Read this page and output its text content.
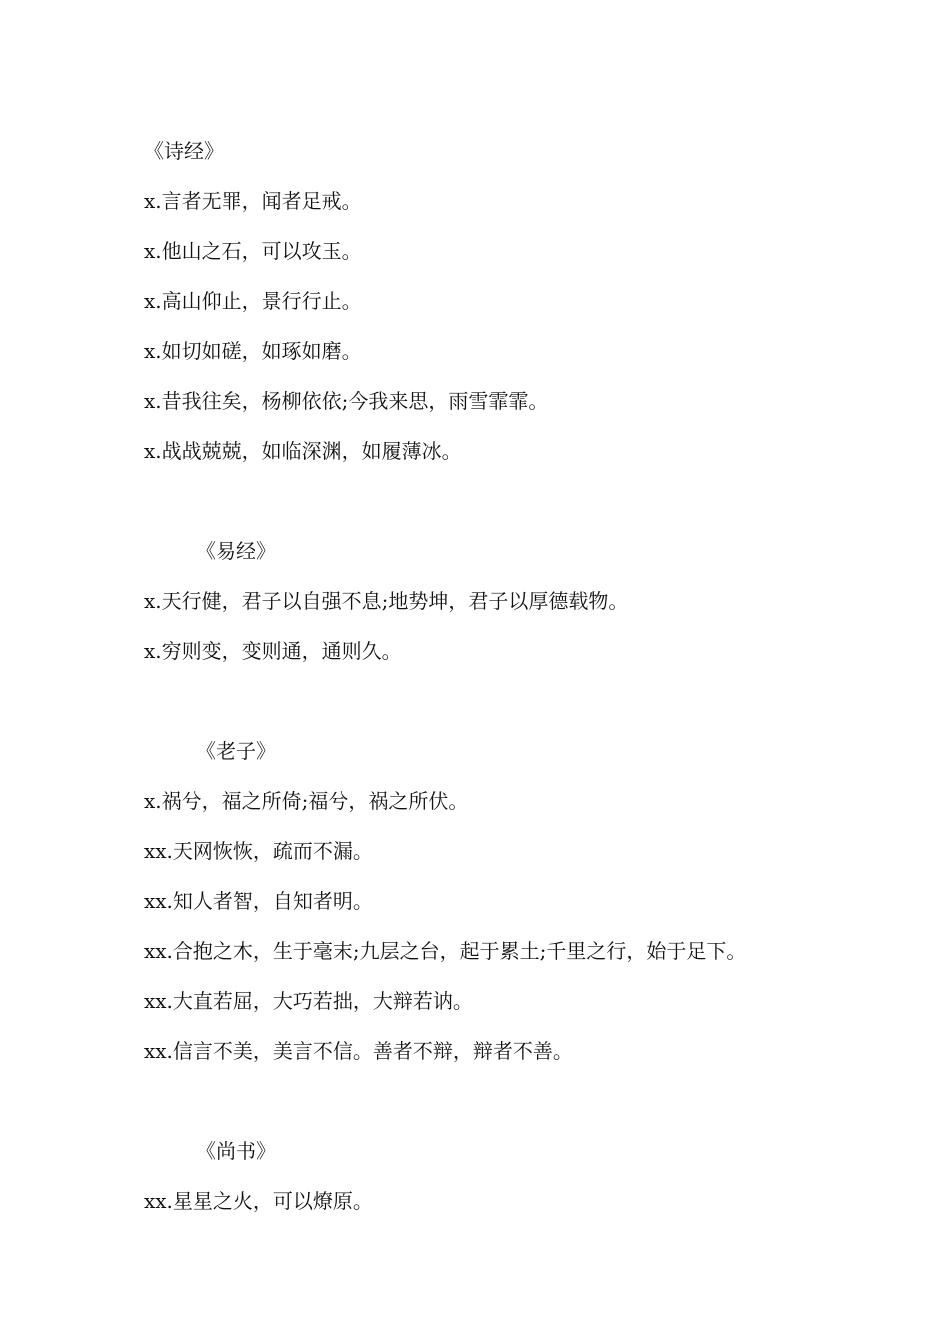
《诗经》
x.言者无罪，闻者足戒。
x.他山之石，可以攻玉。
x.高山仰止，景行行止。
x.如切如磋，如琢如磨。
x.昔我往矣，杨柳依依;今我来思，雨雪霏霏。
x.战战兢兢，如临深渊，如履薄冰。
《易经》
x.天行健，君子以自强不息;地势坤，君子以厚德载物。
x.穷则变，变则通，通则久。
《老子》
x.祸兮，福之所倚;福兮，祸之所伏。
xx.天网恢恢，疏而不漏。
xx.知人者智，自知者明。
xx.合抱之木，生于毫末;九层之台，起于累土;千里之行，始于足下。
xx.大直若屈，大巧若拙，大辩若讷。
xx.信言不美，美言不信。善者不辩，辩者不善。
《尚书》
xx.星星之火，可以燎原。
